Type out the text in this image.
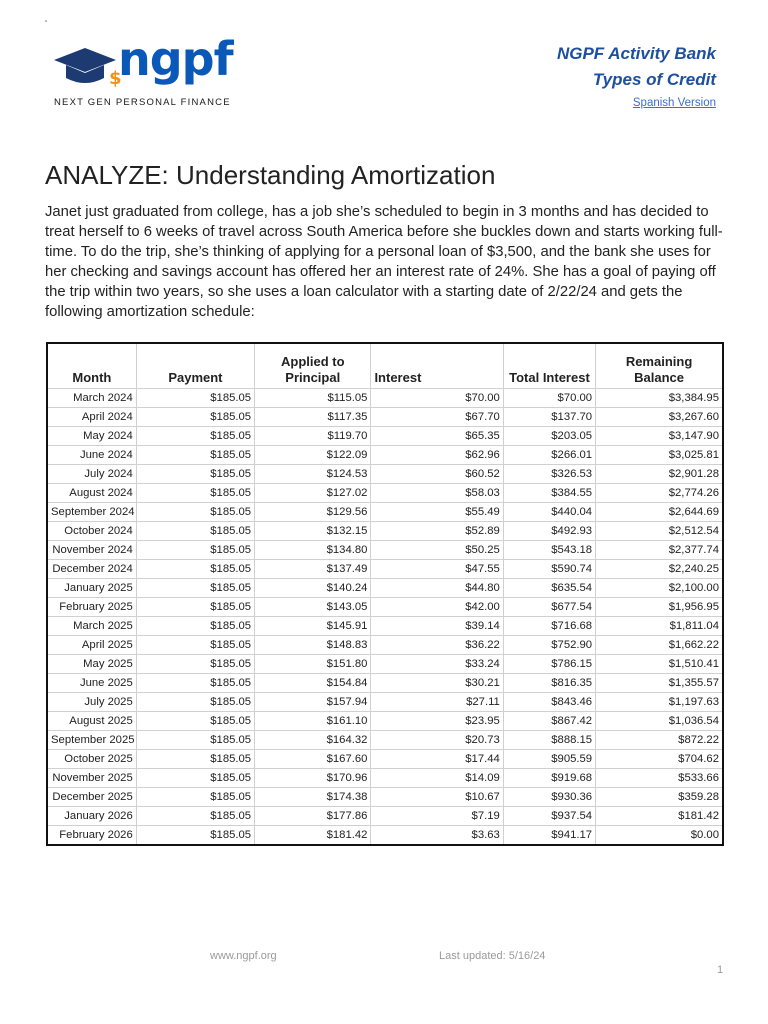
$
ngpf
NEXT GEN PERSONAL FINANCE
NGPF Activity Bank
Types of Credit
Spanish Version
ANALYZE: Understanding Amortization

Janet just graduated from college, has a job she’s scheduled to begin in 3 months and has decided to treat herself to 6 weeks of travel across South America before she buckles down and starts working full-time. To do the trip, she’s thinking of applying for a personal loan of $3,500, and the bank she uses for her checking and savings account has offered her an interest rate of 24%. She has a goal of paying off the trip within two years, so she uses a loan calculator with a starting date of 2/22/24 and gets the following amortization schedule:

Month	Payment	Applied to Principal	Interest	Total Interest	Remaining Balance
March 2024	$185.05	$115.05	$70.00	$70.00	$3,384.95
April 2024	$185.05	$117.35	$67.70	$137.70	$3,267.60
May 2024	$185.05	$119.70	$65.35	$203.05	$3,147.90
June 2024	$185.05	$122.09	$62.96	$266.01	$3,025.81
July 2024	$185.05	$124.53	$60.52	$326.53	$2,901.28
August 2024	$185.05	$127.02	$58.03	$384.55	$2,774.26
September 2024	$185.05	$129.56	$55.49	$440.04	$2,644.69
October 2024	$185.05	$132.15	$52.89	$492.93	$2,512.54
November 2024	$185.05	$134.80	$50.25	$543.18	$2,377.74
December 2024	$185.05	$137.49	$47.55	$590.74	$2,240.25
January 2025	$185.05	$140.24	$44.80	$635.54	$2,100.00
February 2025	$185.05	$143.05	$42.00	$677.54	$1,956.95
March 2025	$185.05	$145.91	$39.14	$716.68	$1,811.04
April 2025	$185.05	$148.83	$36.22	$752.90	$1,662.22
May 2025	$185.05	$151.80	$33.24	$786.15	$1,510.41
June 2025	$185.05	$154.84	$30.21	$816.35	$1,355.57
July 2025	$185.05	$157.94	$27.11	$843.46	$1,197.63
August 2025	$185.05	$161.10	$23.95	$867.42	$1,036.54
September 2025	$185.05	$164.32	$20.73	$888.15	$872.22
October 2025	$185.05	$167.60	$17.44	$905.59	$704.62
November 2025	$185.05	$170.96	$14.09	$919.68	$533.66
December 2025	$185.05	$174.38	$10.67	$930.36	$359.28
January 2026	$185.05	$177.86	$7.19	$937.54	$181.42
February 2026	$185.05	$181.42	$3.63	$941.17	$0.00
www.ngpf.org	Last updated: 5/16/24
1
